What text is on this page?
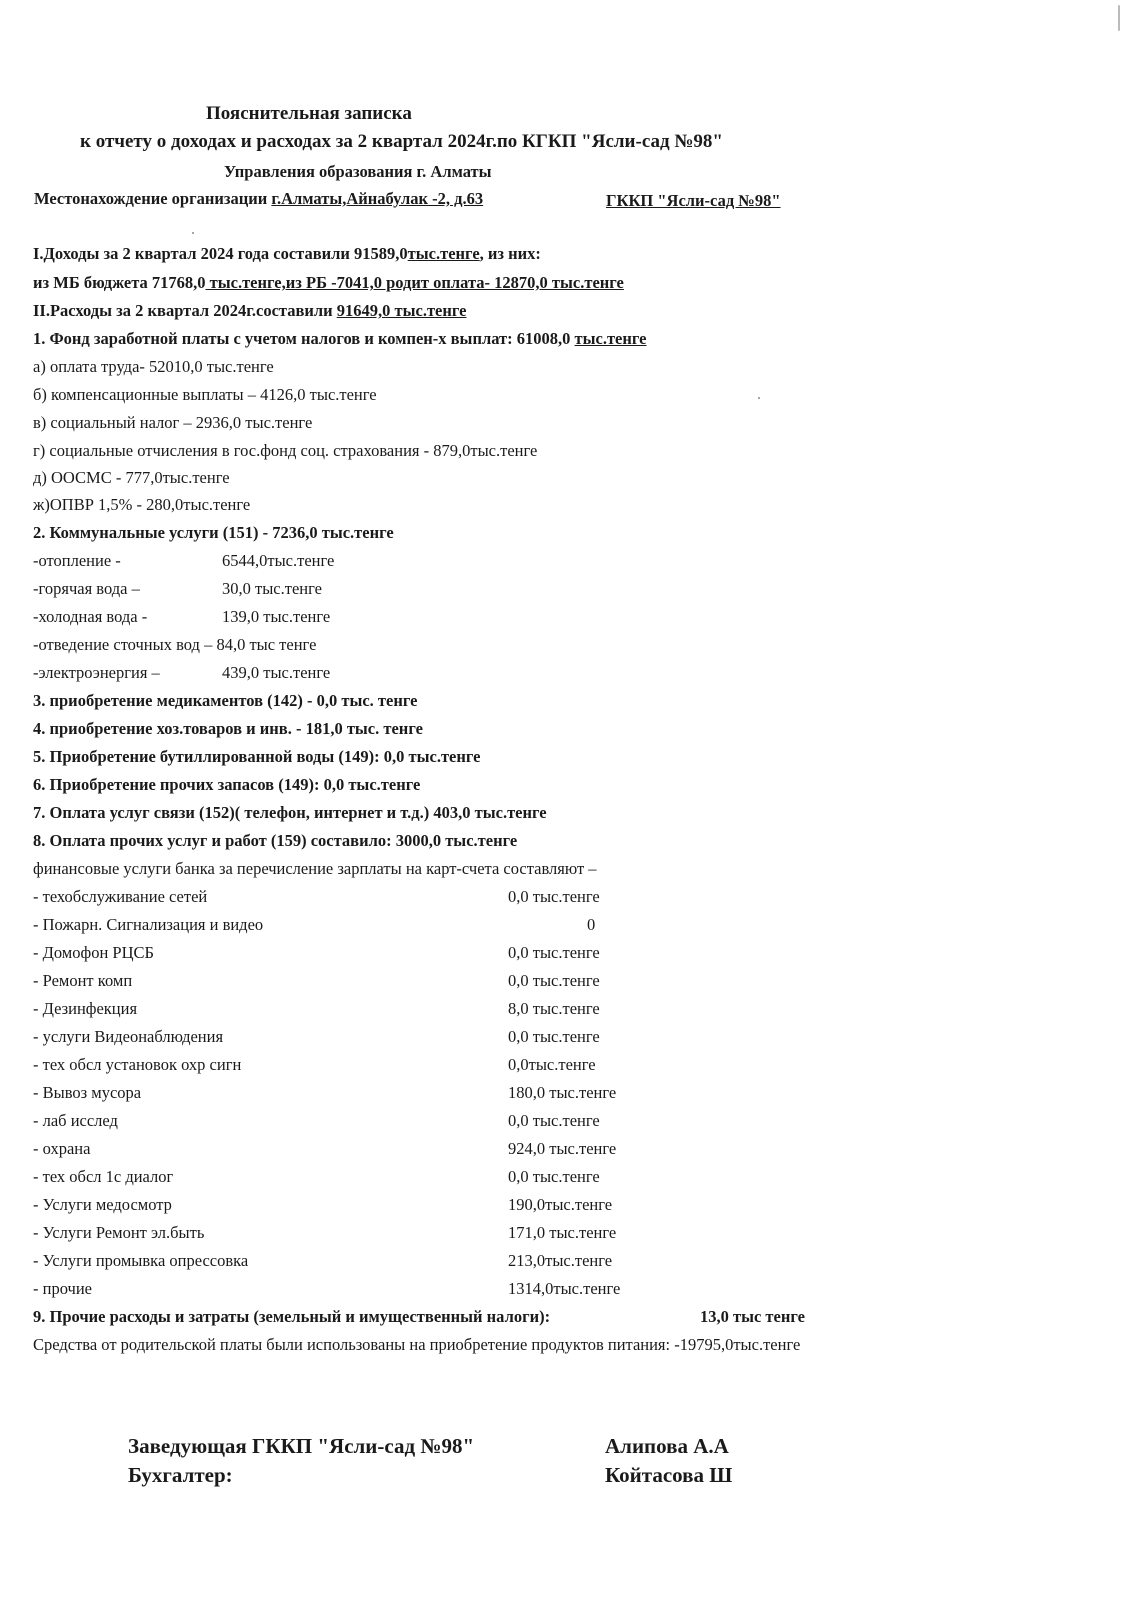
Пояснительная записка
к отчету о доходах и расходах за 2 квартал 2024г.по КГКП "Ясли-сад №98"
Управления образования г. Алматы
Местонахождение организации г.Алматы,Айнабулак -2, д.63	ГККП "Ясли-сад №98"
I.Доходы за 2 квартал 2024 года составили 91589,0тыс.тенге, из них:
из МБ бюджета 71768,0 тыс.тенге,из РБ -7041,0 родит оплата- 12870,0 тыс.тенге
II.Расходы за 2 квартал 2024г.составили 91649,0 тыс.тенге
1. Фонд заработной платы с учетом налогов и компен-х выплат: 61008,0 тыс.тенге
а) оплата труда- 52010,0 тыс.тенге
б) компенсационные выплаты – 4126,0 тыс.тенге
в) социальный налог – 2936,0 тыс.тенге
г) социальные отчисления в гос.фонд соц. страхования - 879,0тыс.тенге
д) ООСМС - 777,0тыс.тенге
ж)ОПВР 1,5% - 280,0тыс.тенге
2. Коммунальные услуги (151) - 7236,0 тыс.тенге
-отопление -	6544,0тыс.тенге
-горячая вода –	30,0 тыс.тенге
-холодная вода -	139,0 тыс.тенге
-отведение сточных вод – 84,0 тыс тенге
-электроэнергия –	439,0 тыс.тенге
3. приобретение медикаментов (142) - 0,0 тыс. тенге
4. приобретение хоз.товаров и инв. - 181,0 тыс. тенге
5. Приобретение бутиллированной воды (149): 0,0 тыс.тенге
6. Приобретение прочих запасов (149): 0,0 тыс.тенге
7. Оплата услуг связи (152)( телефон, интернет и т.д.) 403,0 тыс.тенге
8. Оплата прочих услуг и работ (159) составило: 3000,0 тыс.тенге
финансовые услуги банка за перечисление зарплаты на карт-счета составляют –
- техобслуживание сетей	0,0 тыс.тенге
- Пожарн. Сигнализация и видео	0
- Домофон РЦСБ	0,0 тыс.тенге
- Ремонт комп	0,0 тыс.тенге
- Дезинфекция	8,0 тыс.тенге
- услуги Видеонаблюдения	0,0 тыс.тенге
- тех обсл установок охр сигн	0,0тыс.тенге
- Вывоз мусора	180,0 тыс.тенге
- лаб исслед	0,0 тыс.тенге
- охрана	924,0 тыс.тенге
- тех обсл 1с диалог	0,0 тыс.тенге
- Услуги медосмотр	190,0тыс.тенге
- Услуги Ремонт эл.быть	171,0 тыс.тенге
- Услуги промывка опрессовка	213,0тыс.тенге
- прочие	1314,0тыс.тенге
9. Прочие расходы и затраты (земельный и имущественный налоги):	13,0 тыс тенге
Средства от родительской платы были использованы на приобретение продуктов питания: -19795,0тыс.тенге
Заведующая ГККП "Ясли-сад №98"	Алипова А.А
Бухгалтер:	Койтасова Ш
